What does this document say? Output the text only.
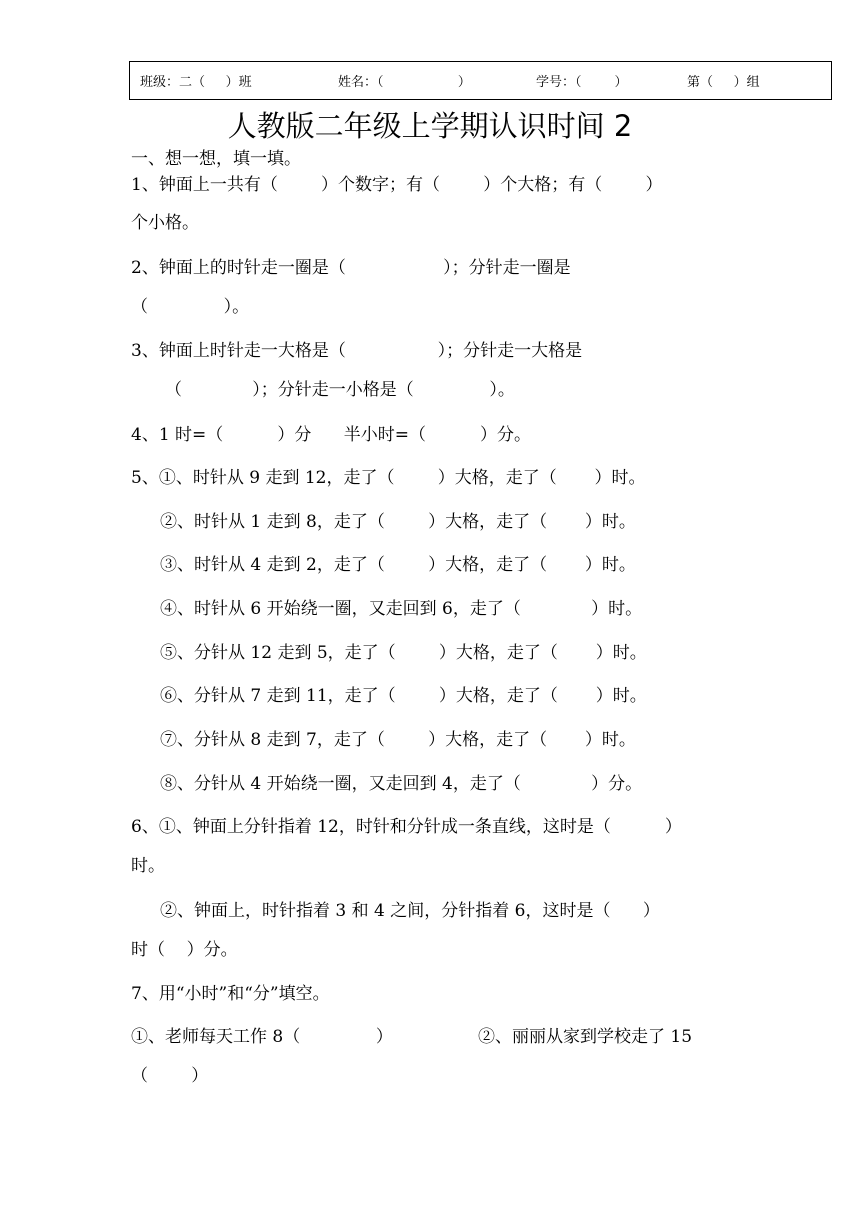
班级：二（     ）班	姓名：（                  ）	学号：（        ）	第（     ）组
人教版二年级上学期认识时间 2
一、想一想，填一填。
1、钟面上一共有（        ）个数字；有（        ）个大格；有（        ）
个小格。
2、钟面上的时针走一圈是（                  ）；分针走一圈是
（              ）。
3、钟面上时针走一大格是（                 ）；分针走一大格是
（             ）；分针走一小格是（              ）。
4、1 时=（          ）分      半小时=（          ）分。
5、①、时针从 9 走到 12，走了（        ）大格，走了（       ）时。
②、时针从 1 走到 8，走了（        ）大格，走了（       ）时。
③、时针从 4 走到 2，走了（        ）大格，走了（       ）时。
④、时针从 6 开始绕一圈，又走回到 6，走了（             ）时。
⑤、分针从 12 走到 5，走了（        ）大格，走了（       ）时。
⑥、分针从 7 走到 11，走了（        ）大格，走了（       ）时。
⑦、分针从 8 走到 7，走了（        ）大格，走了（       ）时。
⑧、分针从 4 开始绕一圈，又走回到 4，走了（             ）分。
6、①、钟面上分针指着 12，时针和分针成一条直线，这时是（          ）
时。
②、钟面上，时针指着 3 和 4 之间，分针指着 6，这时是（      ）
时（    ）分。
7、用“小时”和“分”填空。
①、老师每天工作 8（              ）	②、丽丽从家到学校走了 15
（        ）
